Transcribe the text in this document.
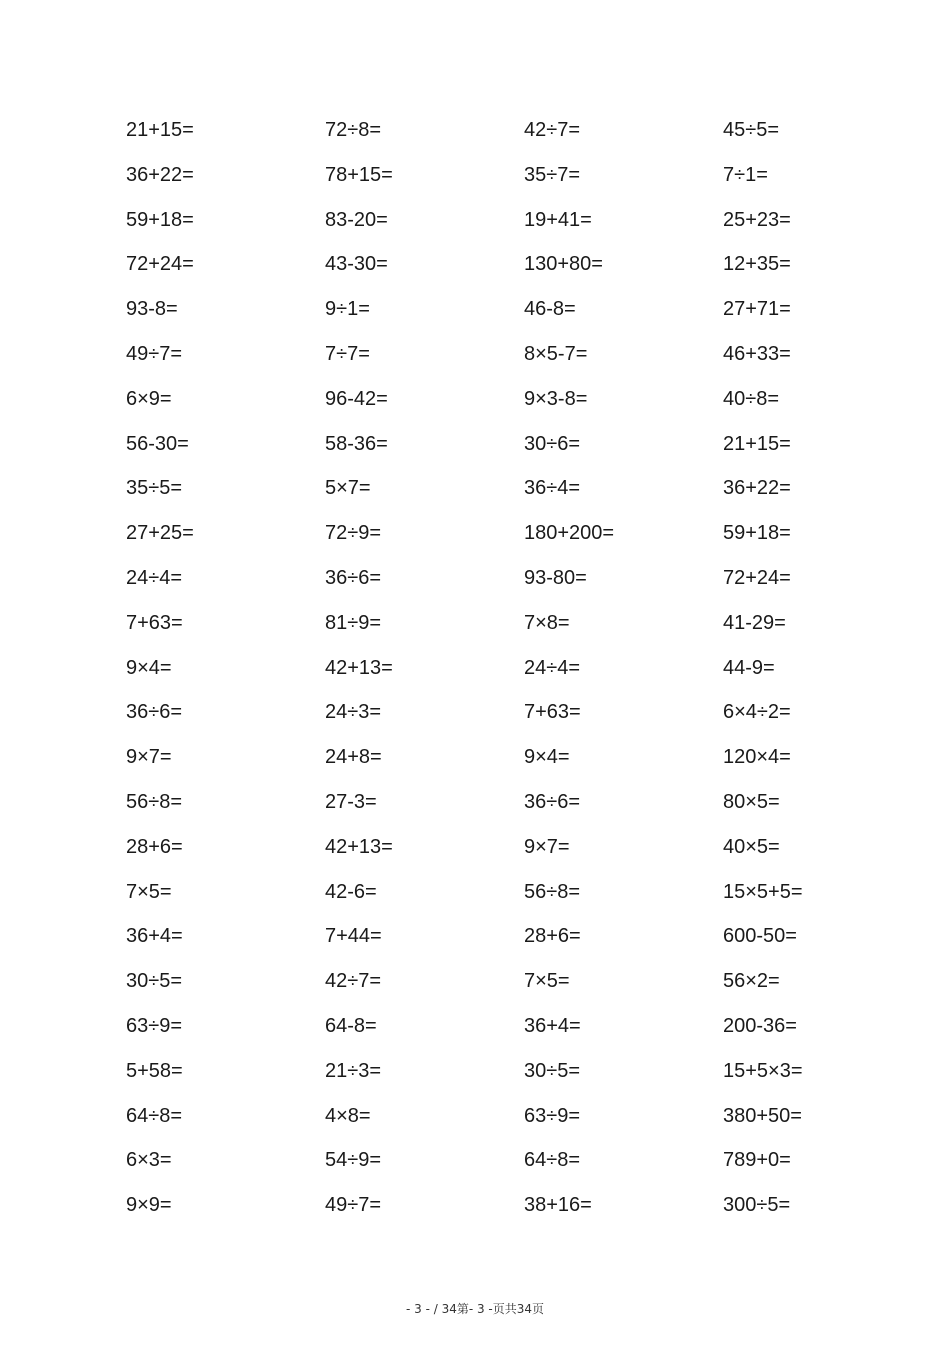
21+15=	72÷8=	42÷7=	45÷5=
36+22=	78+15=	35÷7=	7÷1=
59+18=	83-20=	19+41=	25+23=
72+24=	43-30=	130+80=	12+35=
93-8=	9÷1=	46-8=	27+71=
49÷7=	7÷7=	8×5-7=	46+33=
6×9=	96-42=	9×3-8=	40÷8=
56-30=	58-36=	30÷6=	21+15=
35÷5=	5×7=	36÷4=	36+22=
27+25=	72÷9=	180+200=	59+18=
24÷4=	36÷6=	93-80=	72+24=
7+63=	81÷9=	7×8=	41-29=
9×4=	42+13=	24÷4=	44-9=
36÷6=	24÷3=	7+63=	6×4÷2=
9×7=	24+8=	9×4=	120×4=
56÷8=	27-3=	36÷6=	80×5=
28+6=	42+13=	9×7=	40×5=
7×5=	42-6=	56÷8=	15×5+5=
36+4=	7+44=	28+6=	600-50=
30÷5=	42÷7=	7×5=	56×2=
63÷9=	64-8=	36+4=	200-36=
5+58=	21÷3=	30÷5=	15+5×3=
64÷8=	4×8=	63÷9=	380+50=
6×3=	54÷9=	64÷8=	789+0=
9×9=	49÷7=	38+16=	300÷5=
- 3 - / 34第- 3 -页共34页
